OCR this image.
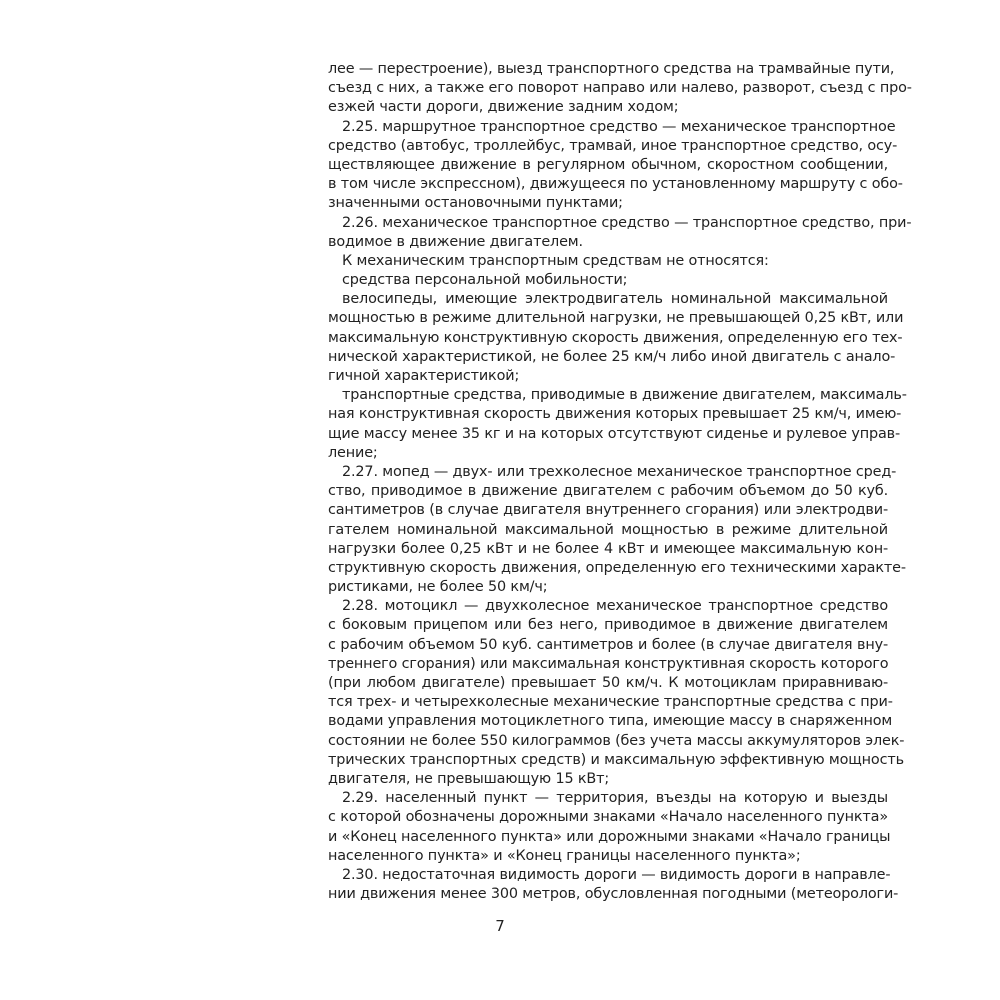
лее — перестроение), выезд транспортного средства на трамвайные пути,
съезд с них, а также его поворот направо или налево, разворот, съезд с про-
езжей части дороги, движение задним ходом;
2.25. маршрутное транспортное средство — механическое транспортное
средство (автобус, троллейбус, трамвай, иное транспортное средство, осу-
ществляющее движение в регулярном обычном, скоростном сообщении,
в том числе экспрессном), движущееся по установленному маршруту с обо-
значенными остановочными пунктами;
2.26. механическое транспортное средство — транспортное средство, при-
водимое в движение двигателем.
К механическим транспортным средствам не относятся:
средства персональной мобильности;
велосипеды, имеющие электродвигатель номинальной максимальной
мощностью в режиме длительной нагрузки, не превышающей 0,25 кВт, или
максимальную конструктивную скорость движения, определенную его тех-
нической характеристикой, не более 25 км/ч либо иной двигатель с анало-
гичной характеристикой;
транспортные средства, приводимые в движение двигателем, максималь-
ная конструктивная скорость движения которых превышает 25 км/ч, имею-
щие массу менее 35 кг и на которых отсутствуют сиденье и рулевое управ-
ление;
2.27. мопед — двух- или трехколесное механическое транспортное сред-
ство, приводимое в движение двигателем с рабочим объемом до 50 куб.
сантиметров (в случае двигателя внутреннего сгорания) или электродви-
гателем номинальной максимальной мощностью в режиме длительной
нагрузки более 0,25 кВт и не более 4 кВт и имеющее максимальную кон-
структивную скорость движения, определенную его техническими характе-
ристиками, не более 50 км/ч;
2.28. мотоцикл — двухколесное механическое транспортное средство
с боковым прицепом или без него, приводимое в движение двигателем
с рабочим объемом 50 куб. сантиметров и более (в случае двигателя вну-
треннего сгорания) или максимальная конструктивная скорость которого
(при любом двигателе) превышает 50 км/ч. К мотоциклам приравниваю-
тся трех- и четырехколесные механические транспортные средства с при-
водами управления мотоциклетного типа, имеющие массу в снаряженном
состоянии не более 550 килограммов (без учета массы аккумуляторов элек-
трических транспортных средств) и максимальную эффективную мощность
двигателя, не превышающую 15 кВт;
2.29. населенный пункт — территория, въезды на которую и выезды
с которой обозначены дорожными знаками «Начало населенного пункта»
и «Конец населенного пункта» или дорожными знаками «Начало границы
населенного пункта» и «Конец границы населенного пункта»;
2.30. недостаточная видимость дороги — видимость дороги в направле-
нии движения менее 300 метров, обусловленная погодными (метеорологи-
7
